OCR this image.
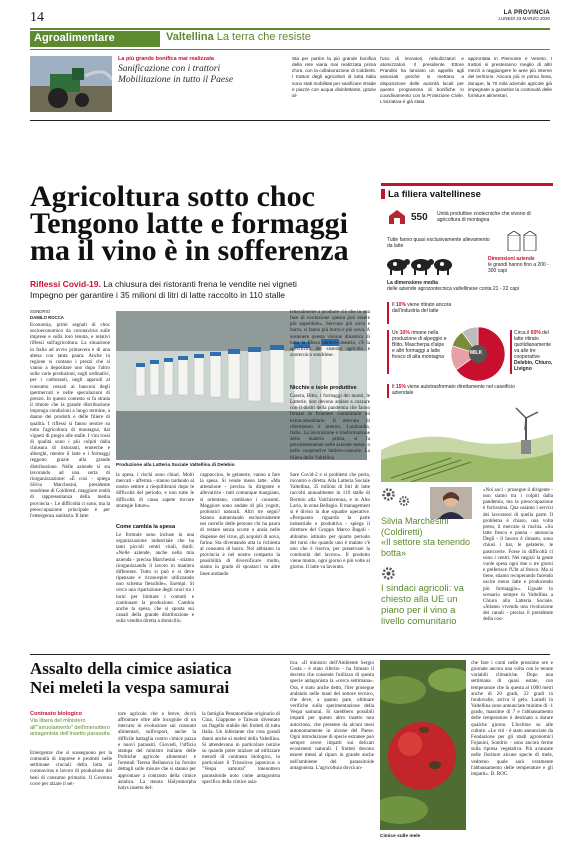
14	LA PROVINCIA
LUNEDÌ 23 MARZO 2020
Agroalimentare	Valtellina La terra che resiste
La più grande bonifica mai realizzata
Sanificazione con i trattori
Mobilitazione in tutto il Paese
Sta per partire la più grande bonifica della rete viaria mai realizzata prima d'ora, con la collaborazione di Coldiretti. I trattori degli agricoltori di tutta Italia sono stati mobilitati per sanificare strade e piazze con acqua disinfettante, grazie al-
l'uso di irroratori, nebulizzatori e atomizzatori. Il presidente Ettore Prandini ha lanciato un appello agli associati perché si mettano a disposizione delle autorità locali per questo programma di bonifiche in coordinamento con la Protezione Civile. L'iniziativa è già stata
approntata in Piemonte e Veneto. I trattori si presteranno meglio di altri mezzi a raggiungere le aree più interne del territorio. Ancora più in prima linea, dunque, la 70 mila aziende agricole già impegnate a garantire la continuità delle forniture alimentari.
Agricoltura sotto choc
Tengono latte e formaggi
ma il vino è in sofferenza
Riflessi Covid-19. La chiusura dei ristoranti frena le vendite nei vigneti
Impegno per garantire i 35 milioni di litri di latte raccolto in 110 stalle
SONDRIO
DAMILO ROCCA
Economia, primi segnali di choc socioeconomico da coronavirus sulle imprese e sulla loro tenuta, e relativi riflessi sull'agricoltura. La situazione in Italia ad avvio primavera è di una attesa con tanta paura. Anche in regione si contano i prezzi che si vanno a depositare uno dopo l'altro sulle varie produzioni, sugli ordinativi, per i carburanti, negli approdi al consumo cessati ai banconi degli ipermercati e nelle speculazioni di prezzo. In questo contesto si fa strada il timore che la grande distribuzione imponga condizioni a lungo termine, a danno dei prodotti e delle filiere di qualità. I riflessi si fanno sentire su tutta l'agricoltura di montagna, dai vigneti di pregio alle stalle. I vini rossi di qualità sono i più colpiti dalla chiusura di ristoranti, enoteche e alberghi, mentre il latte e i formaggi reggono grazie alla grande distribuzione. Nelle aziende si sta lavorando ad una sorta di riorganizzazione: «È così - spiega Silvia Marchesini, presidente sondriese di Coldiretti, maggiore realtà di rappresentanza della media provincia -. Le difficoltà ci sono, ma la preoccupazione principale è per l'emergenza sanitaria. Il latte
Produzione alla Latteria Sociale Valtellina di Delebio
la spesa, i rischi sono chiari. Molti mercati - afferma - stanno tardando al nostro settore a riequilibrarsi dopo le difficoltà del periodo, e non tutte le difficoltà di cassa sapete trovare strategie future».
Come cambia la spesa
Le formule sono incluse in una organizzazione industriale che ha tanti piccoli centri vitali, dutili. «Nelle aziende, anche nella mia azienda - precisa Marchesini - stiamo riorganizzando il lavoro in maniera differente. Tutto si può e si deve ripensare e riconcepire utilizzando uno schema flessibile». Esempi. Si cerca una ripartizione degli orari tra i turni per limitare i contatti e continuare la produzione. Cambia anche la spesa, che si sposta sui canali della grande distribuzione e sulla vendita diretta a domicilio.
cappuccino, le gelaterie, vanno a fare la spesa. Si vende meno latte. «Ma attenzione - precisa la dirigente e allevatrice - tutti comunque mangiano, si orientano, cambiano i consumi. Maggiore sono andate di più yogurt, probiotici naturali. Altri tre segni? Stanno aumentando esclusivamente nei carrello delle persone chi ha paura di restare senza scorte o ansia nelle dispense dei virus, gli acquisti di uova, farina. Sta diventando alta la richiesta al consumo di burro. Noi abbiamo in provincia e nel nostro comparto la possibilità di diversificare molto, siamo in grado di spostarci su altre linee andando
letteralmente a produrre ciò che in una fase di evoluzione questa può essere più appetibile». Servono più uova e burro, si fanno più burro e più uova. A sostenere questa visione dinamica di tutta la filiera lattiero-casearia, c'è la specificità del sistema agricolo e zootecnico sondriese.
Nicchie e isole produttive
Casera, Bitto, i formaggi dei monti, le Latterie, non devono andare a cozzare con il diritti della pandemia che fanno frenare le frontiere comunitarie ed extracomunitarie. Il mercato di riferimento è interno, Lombardia, Italia. La lavorazione e trasformazione della materia prima, si fa prevalentemente nelle aziende stesse, o nelle cooperative lattiero-casearie. La filiera della Valtellina
Sare Covid-2 e si problemi che porta, incontro e diretta. Alla Latteria Sociale Valtellina, 35 milioni di litri di latte raccolti annualmente in 110 stalle di Bormio alla Valchiavenna, e in Alto Lario, in zona Bellagio. Il management si è diviso in due squadre operative. «Perquanto riguarda la parte industriale e produttiva - spiega il direttore del Gruppo Marco Bagoli - abbiamo istituito per quarto periodo dei turni che quando uno è malato c'è uno che è riserva, per preservare la continuità del lavoro». Il prodotto viene munto, ogni giorno e più volte al giorno. Il latte va lavorato.
La filiera valtellinese
550 Unità produttive zootecniche che vivono di agricoltura di montagna
Tutte fanno quasi esclusivamente allevamento da latte
Dimensioni aziende
le grandi hanno fino a 200 - 300 capi
La dimensione media
delle aziende agrozootecnica valtellinese conta 21 - 22 capi
Il 10% viene ritirato ancora dall'industria del latte
Un 10% rimane nella produzione di alpeggio e Bitto, Mascherpa d'alpe e altri formaggi a latte fresco di alta montagna
MILK
Circa il 65% del latte ritirato quotidianamente va alle tre cooperative Delebio, Chiuro, Livigno
Il 15% viene autotrasformato direttamente nel caseificio aziendale
Silvia Marchesini (Coldiretti)
«Il settore sta tenendo botta»
I sindaci agricoli: va chiesto alla UE un piano per il vino a livello comunitario
«Noi soci - prosegue il dirigente - non siamo tra i colpiti dalla pandemia, ma la preoccupazione è fortissima. Qua usiamo i servizi dei lavoratori di quella parte. Il problema è chiaro, una volta preso, il mercato si rischia. «Su latte fresco e panna - annuncia Degli - il lavoro è rimasto, sono chiusi i bar, le gelaterie, le pasticcerie. Forse in difficoltà ci sono i centri. Nei negozi la gente vuole spesa ogni due o tre giorni e preferisce l'Uht al fresco. Ma si tiene, stiamo recuperando facendo uscire meno latte e producendo più formaggio». Uguale lo scenario sempre in Valtellina a Chiuro alla Latteria Sociale. «Stiamo vivendo una rivoluzione dei canali - precisa il presidente della coo-
Assalto della cimice asiatica
Nei meleti la vespa samurai
Contrasto biologico
Via libera del ministero all'"arruolamento" dell'imenottero antagonista dell'insetto parassita
Emergenze che si susseguono per la comunità di imprese e prodotti nelle settimane cruciali della lotta al coronavirus e lavoro di produzione dei beni di consumo primario. Il Governo corre per alzare il set-
tore agricolo che a breve, dovrà affrontare oltre alle incognite di un mercato in evoluzione sui consumi alimentari, sull'export, anche la difficile battaglia contro cimice pazza e nuovi parassiti. Giovedì, l'ufficio stampa del ministro italiano delle Politiche agricole alimentari e forestali Teresa Bellanova ha fornito dettagli sulle misure che si stanno per approntare a contrasto della cimice asiatica. La tenuta Halyomorpha halys insetto del-
la famiglia Pentatomidae originario di Cina, Giappone e Taiwan diventato un flagello stabile dei frutteti di tutta Italia. Un infestante che crea grandi danni anche ai meleti della Valtellina. Si attendevano in particolare notizie su quando poter iniziare ad utilizzare metodi di contrasto biologico, in particolare il Trissolcus japonicus o "Vespa samurai" imenottero parassitoide noto come antagonista specifico della cimice asia-
tica. «Il ministro dell'Ambiente Sergio Costa - è stato riferito - ha firmato il decreto che consente l'utilizzo di questa specie antagonista la «cerca settimana». Ora, è stato anche detto, l'iter prosegue andando nelle mani del settore tecnico, che deve, a quanto pare, ultimare verifiche sulla sperimentazione della Vespa samurai. Si sarebbero possibili impatti per questo altro insetto non autoctono, che presente da alcuni mesi autonomamente in alcune del Paese. Ogni introduzione di specie estranee può sempre avere impatti sui delicati ecosistemi naturali. I frutteti devono essere messi al riparo in grande anche nell'ambiente del parassitoide antagonista. L'agricoltura dovrà an-
Cimice sulle mele
che fare i conti nelle prossime ore e giornate ancora una volta con le tenute variabili climatiche. Dopo una settimana di quasi estate, con temperature che in questa al 1000 metri anche di 20 gradi, 22 gradi in fondovalle, arriva il gelo. Lunedì in Valtellina sono annunciate minime di -1 grado, massime di 7 e l'abbassamento delle temperature è destinato a durare qualche giorno. L'inchino su alle culture. «Le viti - è stato annunciato da Fondazione per gli studi agronomici Fojanini, Sondrio - sono ancora ferme sulla ripresa vegetativa. Più avanzate nelle fioriture alcune specie di mele, vedremo quale sarà veramente l'abbassamento delle temperature e gli impatti». D. ROC.
